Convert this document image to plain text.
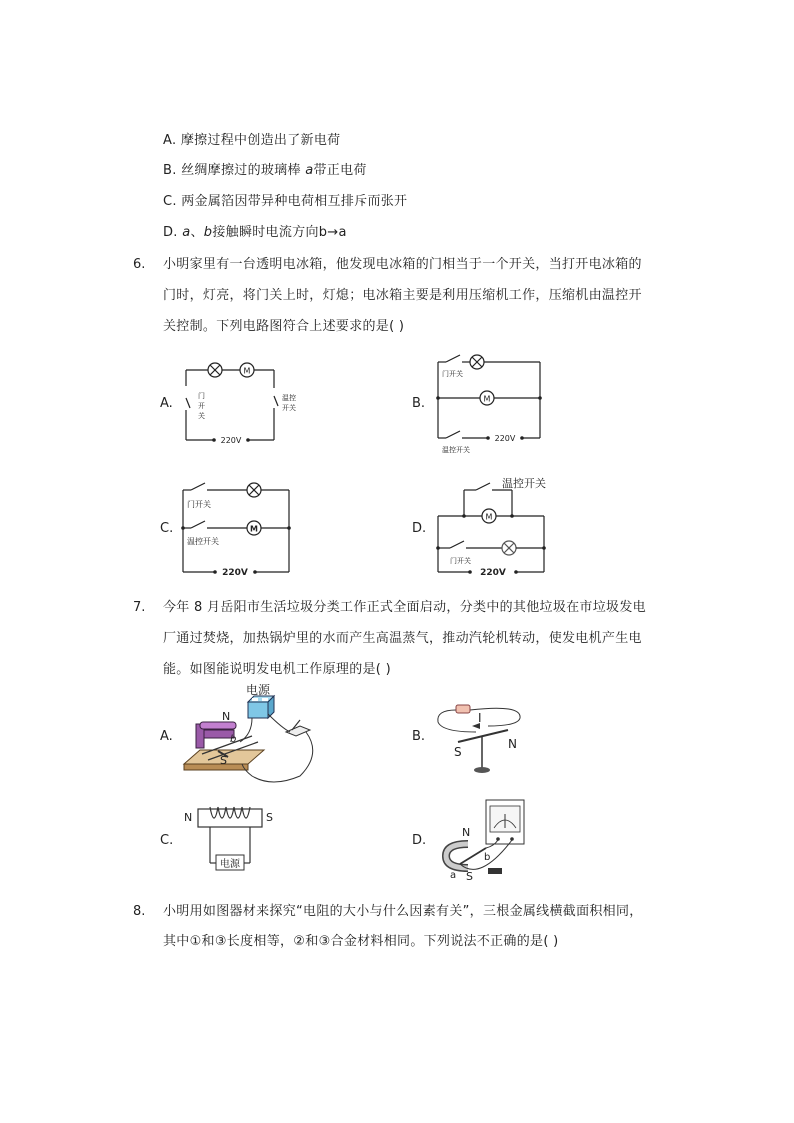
A. 摩擦过程中创造出了新电荷
B. 丝绸摩擦过的玻璃棒 a带正电荷
C. 两金属箔因带异种电荷相互排斥而张开
D. a、b接触瞬时电流方向b→a
6. 小明家里有一台透明电冰箱，他发现电冰箱的门相当于一个开关，当打开电冰箱的
门时，灯亮，将门关上时，灯熄；电冰箱主要是利用压缩机工作，压缩机由温控开
关控制。下列电路图符合上述要求的是( )
A.
M
门
开
关
温控
开关
220V
B.	M
门开关
220V
温控开关
C.	M
门开关
温控开关
220V
D.
M
温控开关
门开关
220V
7. 今年 8 月岳阳市生活垃圾分类工作正式全面启动，分类中的其他垃圾在市垃圾发电
厂通过焚烧，加热锅炉里的水而产生高温蒸气，推动汽轮机转动，使发电机产生电
能。如图能说明发电机工作原理的是( )
A.
电源
N
S
b	B.
I
S
N
C.
N	S
电源
D.
N
S
a
b
8. 小明用如图器材来探究“电阻的大小与什么因素有关”，三根金属线横截面积相同，
其中①和③长度相等，②和③合金材料相同。下列说法不正确的是( )
